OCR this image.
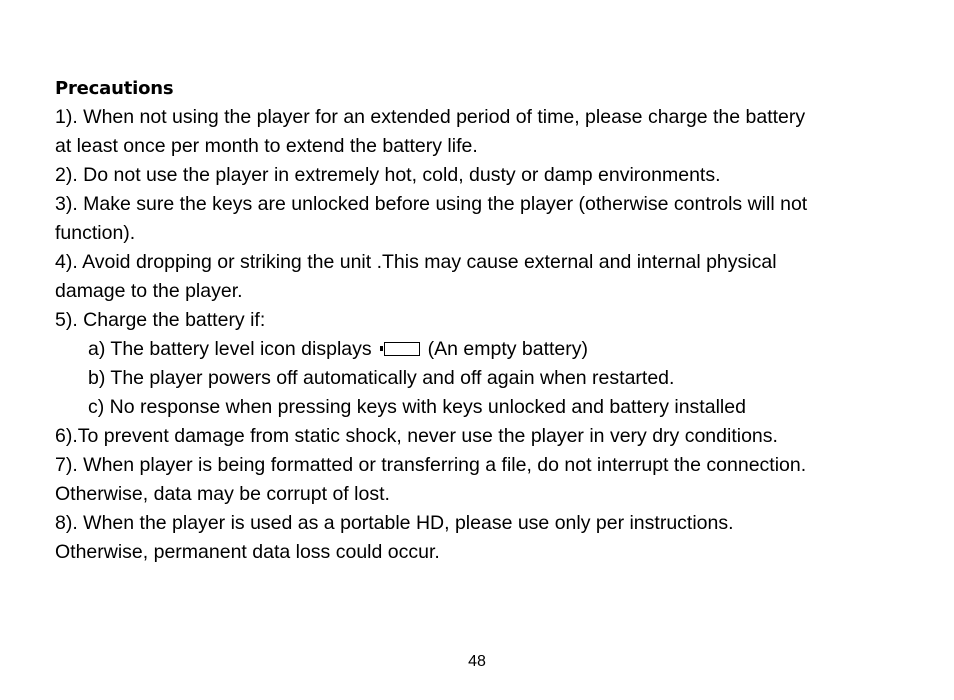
Precautions

1). When not using the player for an extended period of time, please charge the battery

at least once per month to extend the battery life.

2). Do not use the player in extremely hot, cold, dusty or damp environments.

3). Make sure the keys are unlocked before using the player (otherwise controls will not

function).

4). Avoid dropping or striking the unit .This may cause external and internal physical

damage to the player.

5). Charge the battery if:

a) The battery level icon displays	(An empty battery)

b) The player powers off automatically and off again when restarted.

c) No response when pressing keys with keys unlocked and battery installed

6).To prevent damage from static shock, never use the player in very dry conditions.

7). When player is being formatted or transferring a file, do not interrupt the connection.

Otherwise, data may be corrupt of lost.

8). When the player is used as a portable HD, please use only per instructions.

Otherwise, permanent data loss could occur.

48
